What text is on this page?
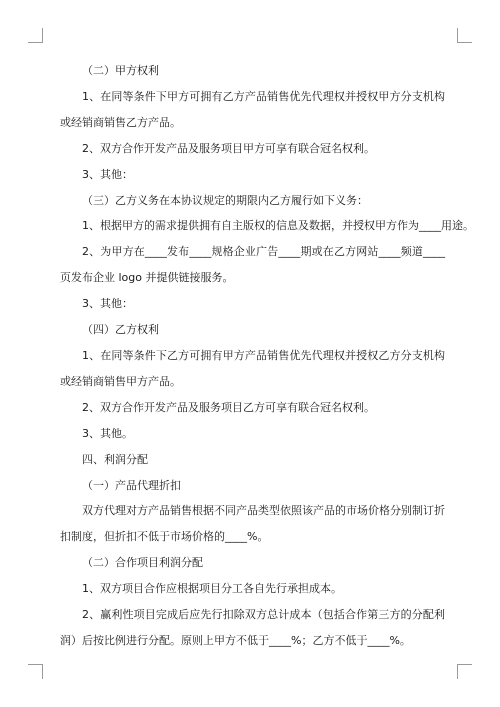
（二）甲方权利

1、在同等条件下甲方可拥有乙方产品销售优先代理权并授权甲方分支机构或经销商销售乙方产品。

2、双方合作开发产品及服务项目甲方可享有联合冠名权利。

3、其他：

（三）乙方义务在本协议规定的期限内乙方履行如下义务：

1、根据甲方的需求提供拥有自主版权的信息及数据，并授权甲方作为____用途。

2、为甲方在____发布____规格企业广告____期或在乙方网站____频道____页发布企业 logo 并提供链接服务。

3、其他：

（四）乙方权利

1、在同等条件下乙方可拥有甲方产品销售优先代理权并授权乙方分支机构或经销商销售甲方产品。

2、双方合作开发产品及服务项目乙方可享有联合冠名权利。

3、其他。

四、利润分配

（一）产品代理折扣

双方代理对方产品销售根据不同产品类型依照该产品的市场价格分别制订折扣制度，但折扣不低于市场价格的____%。

（二）合作项目利润分配

1、双方项目合作应根据项目分工各自先行承担成本。

2、赢利性项目完成后应先行扣除双方总计成本（包括合作第三方的分配利润）后按比例进行分配。原则上甲方不低于____%；乙方不低于____%。
